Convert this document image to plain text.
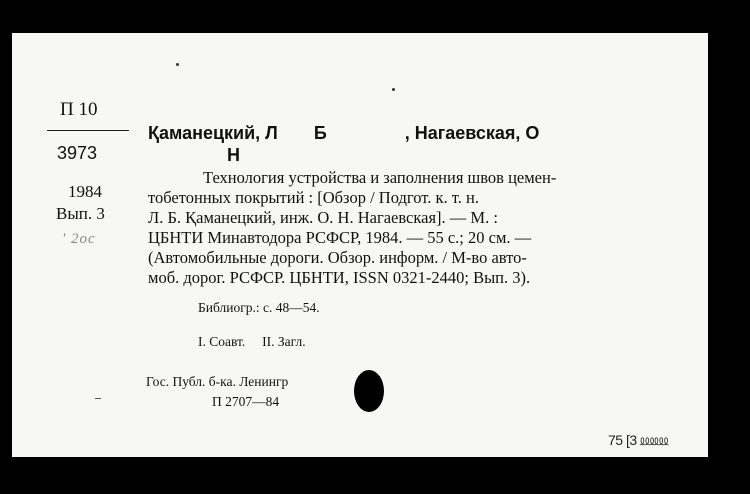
П 10
3973
1984
Вып. 3
' 2ос
Қаманецкий, Л Б	, Нагаевская, О
Н
Технология устройства и заполнения швов цемен-
тобетонных покрытий : [Обзор / Подгот. к. т. н.
Л. Б. Қаманецкий, инж. О. Н. Нагаевская]. — М. :
ЦБНТИ Минавтодора РСФСР, 1984. — 55 с.; 20 см. —
(Автомобильные дороги. Обзор. информ. / М-во авто-
моб. дорог. РСФСР. ЦБНТИ, ISSN 0321-2440; Вып. 3).
Библиогр.: с. 48—54.
I. Соавт.     II. Загл.
Гос. Публ. б-ка. Ленингр
П 2707—84
75 [3 ⅏⅏
